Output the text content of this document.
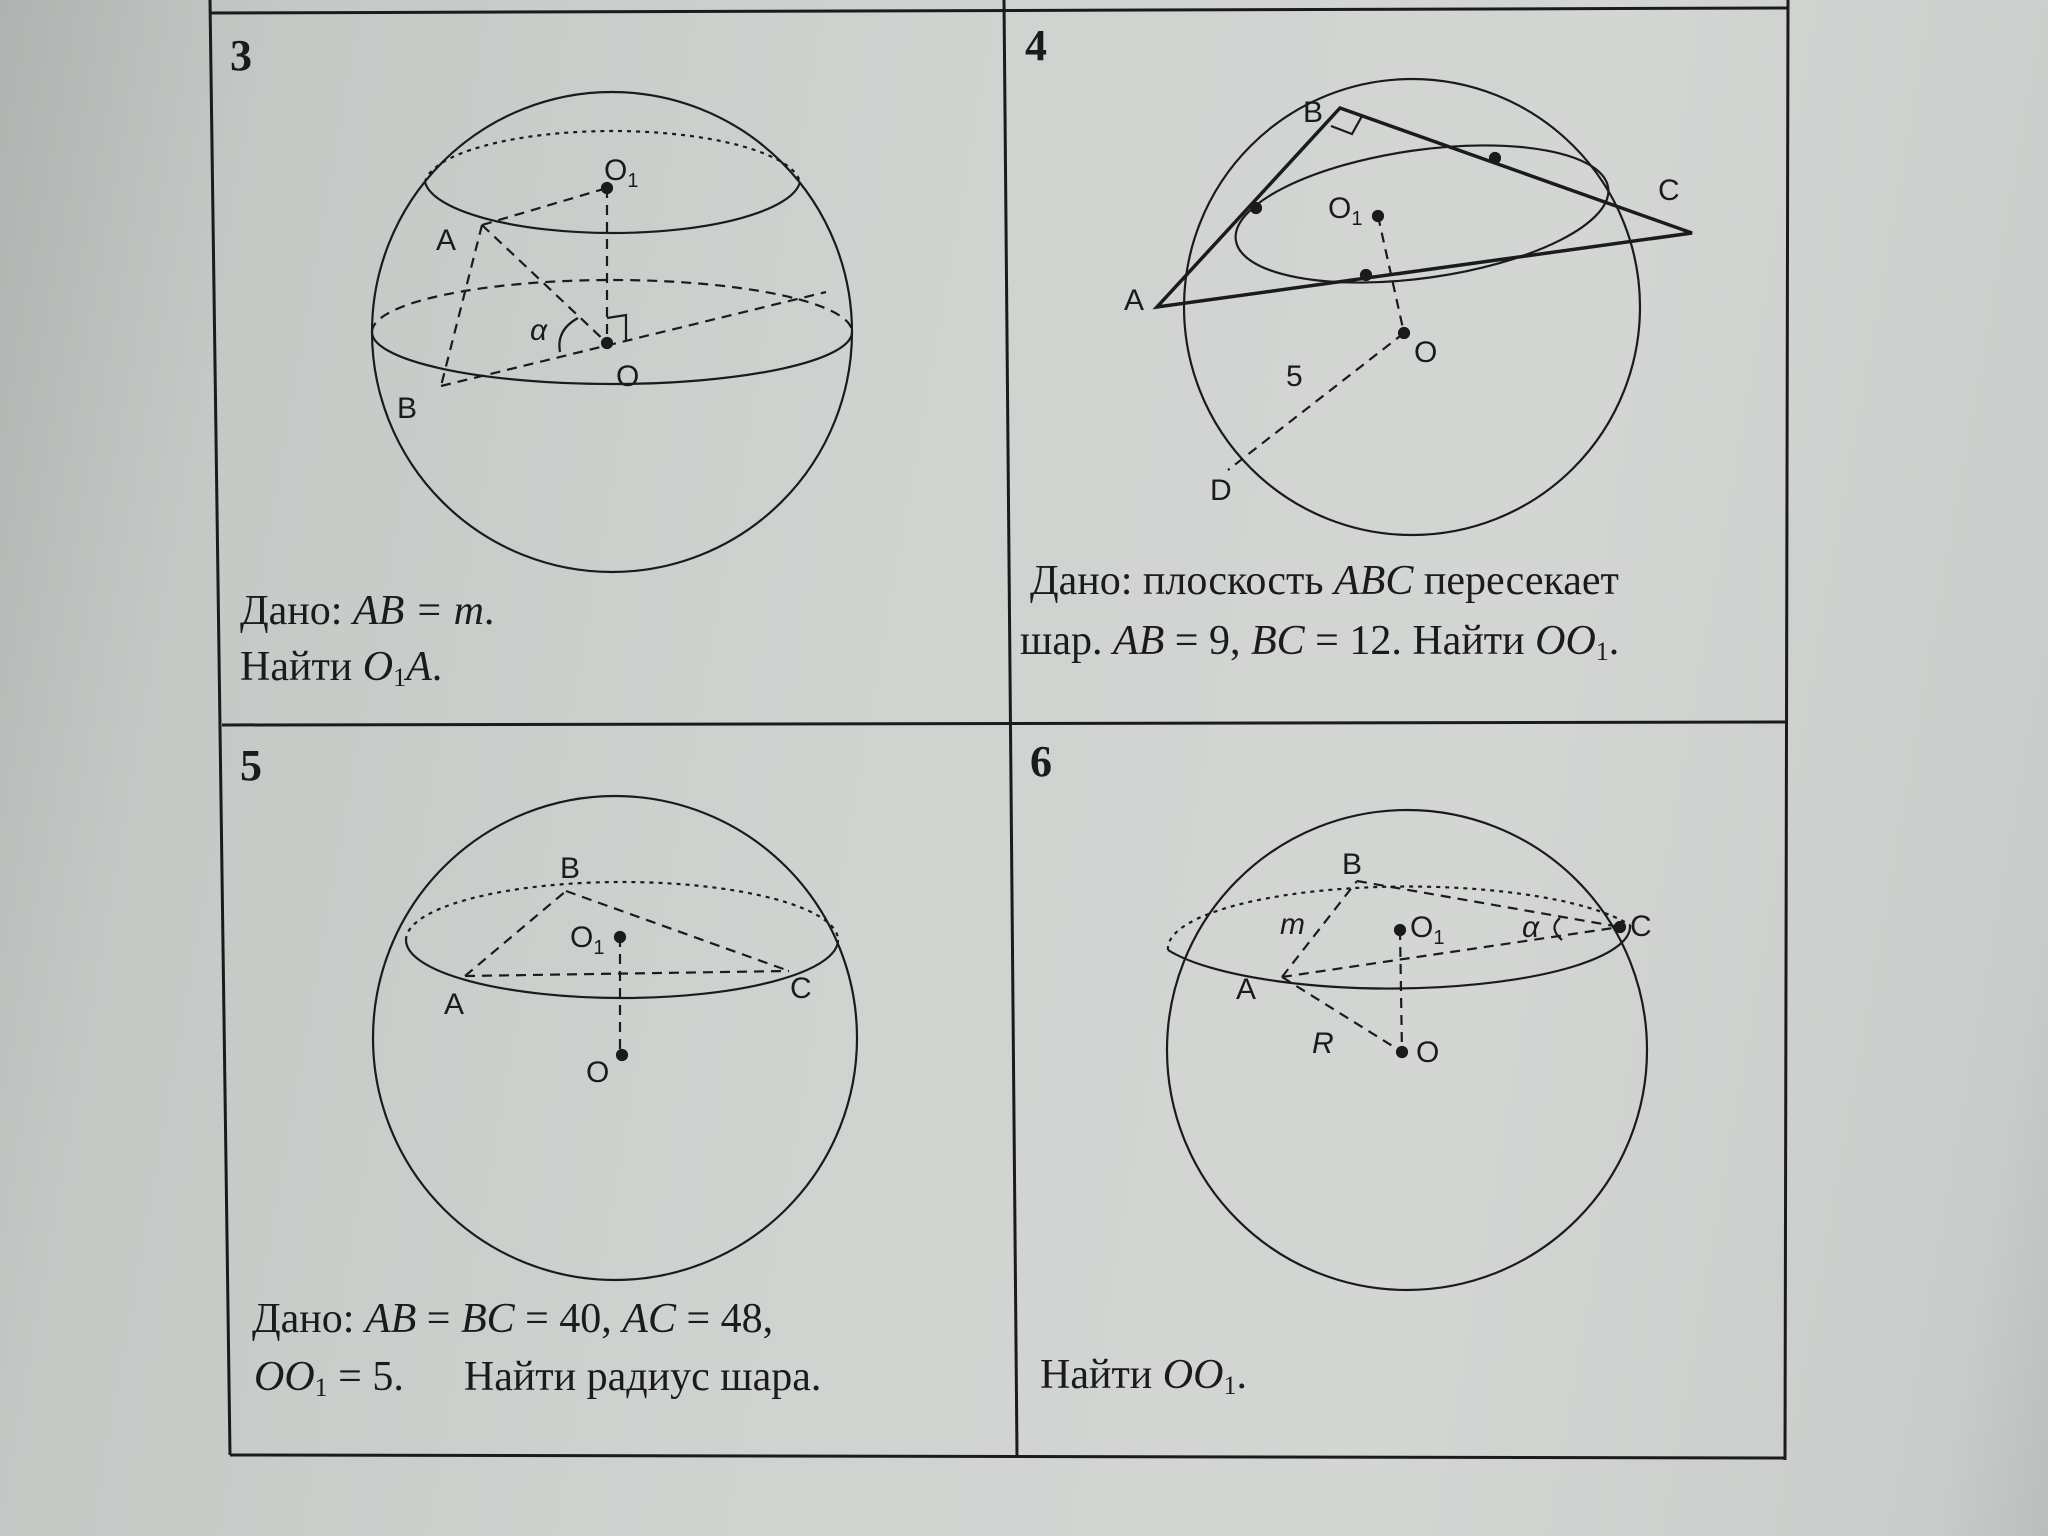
$O_1$
A
B
O
α
B
C
A
$O_1$
O
5
D
B
$O_1$
A	C
O
B
m	$O_1$	α	C
A
R	O
3	4
5	6
Дано: AB = m.
Найти $O_1A$.
Дано: плоскость ABC пересекает
шар. AB = 9, BC = 12. Найти $OO_1$.
Дано: AB = BC = 40, AC = 48,
$OO_1 = 5$. Найти радиус шара.	Найти $OO_1$.
